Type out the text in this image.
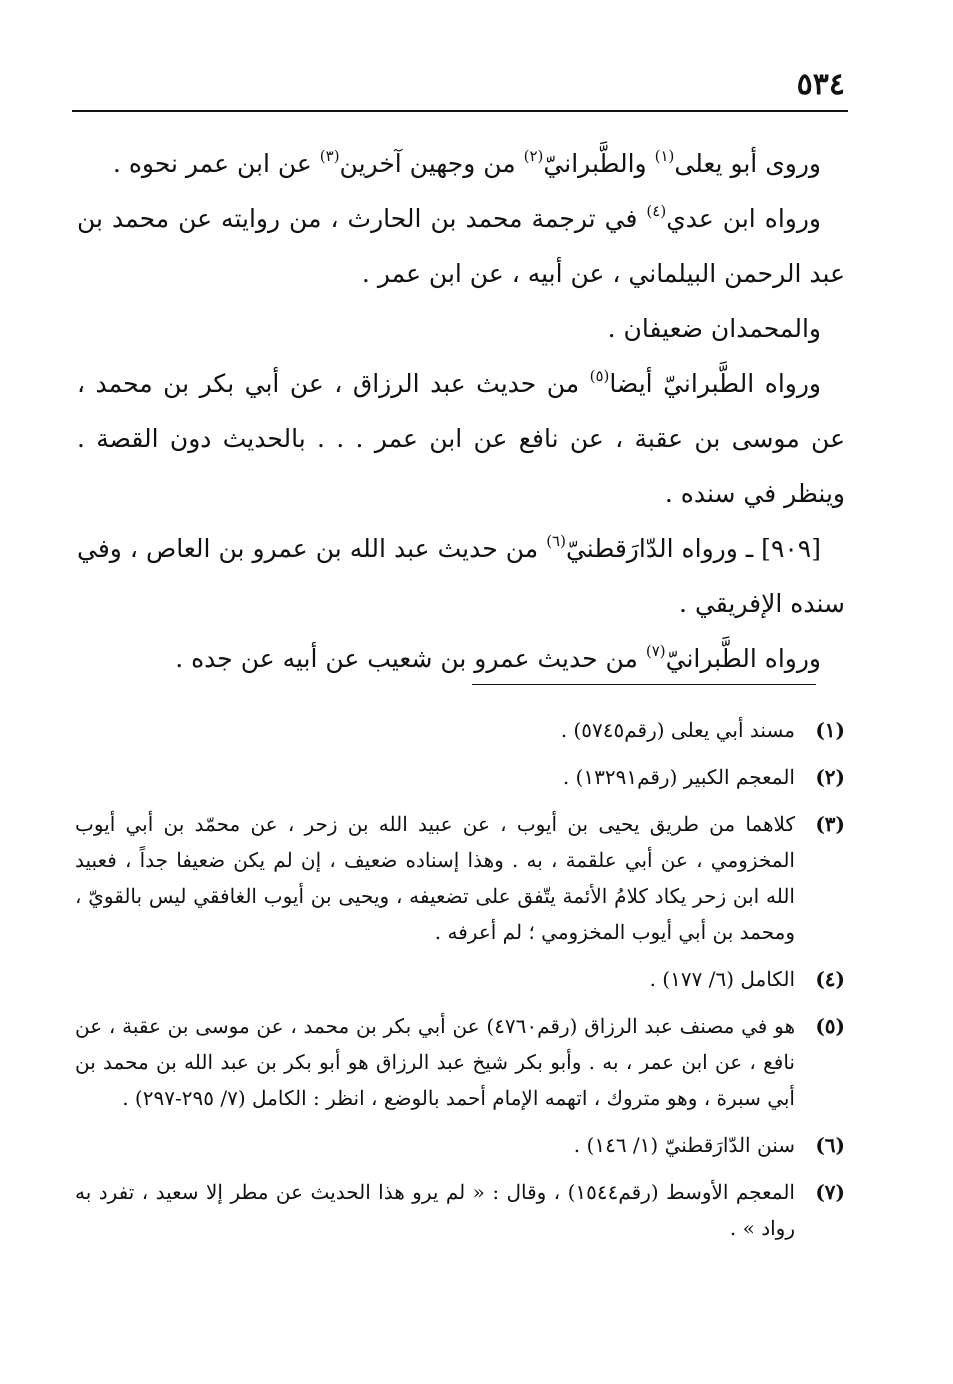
٥٣٤

وروى أبو يعلى$^{(١)}$ والطَّبرانيّ$^{(٢)}$ من وجهين آخرين$^{(٣)}$ عن ابن عمر نحوه .

ورواه ابن عدي$^{(٤)}$ في ترجمة محمد بن الحارث ، من روايته عن محمد بن عبد الرحمن البيلماني ، عن أبيه ، عن ابن عمر .

والمحمدان ضعيفان .

ورواه الطَّبرانيّ أيضا$^{(٥)}$ من حديث عبد الرزاق ، عن أبي بكر بن محمد ، عن موسى بن عقبة ، عن نافع عن ابن عمر . . . بالحديث دون القصة . وينظر في سنده .

[٩٠٩] ـ ورواه الدّارَقطنيّ$^{(٦)}$ من حديث عبد الله بن عمرو بن العاص ، وفي سنده الإفريقي .

ورواه الطَّبرانيّ$^{(٧)}$ من حديث عمرو بن شعيب عن أبيه عن جده .

(١)
مسند أبي يعلى (رقم٥٧٤٥) .
(٢)
المعجم الكبير (رقم١٣٢٩١) .
(٣)
كلاهما من طريق يحيى بن أيوب ، عن عبيد الله بن زحر ، عن محمّد بن أبي أيوب المخزومي ، عن أبي علقمة ، به . وهذا إسناده ضعيف ، إن لم يكن ضعيفا جداً ، فعبيد الله ابن زحر يكاد كلامُ الأئمة يتّفق على تضعيفه ، ويحيى بن أيوب الغافقي ليس بالقويّ ، ومحمد بن أبي أيوب المخزومي ؛ لم أعرفه .
(٤)
الكامل (٦/ ١٧٧) .
(٥)
هو في مصنف عبد الرزاق (رقم٤٧٦٠) عن أبي بكر بن محمد ، عن موسى بن عقبة ، عن نافع ، عن ابن عمر ، به . وأبو بكر شيخ عبد الرزاق هو أبو بكر بن عبد الله بن محمد بن أبي سبرة ، وهو متروك ، اتهمه الإمام أحمد بالوضع ، انظر : الكامل (٧/ ٢٩٥-٢٩٧) .
(٦)
سنن الدّارَقطنيّ (١/ ١٤٦) .
(٧)
المعجم الأوسط (رقم١٥٤٤) ، وقال : « لم يرو هذا الحديث عن مطر إلا سعيد ، تفرد به رواد » .
